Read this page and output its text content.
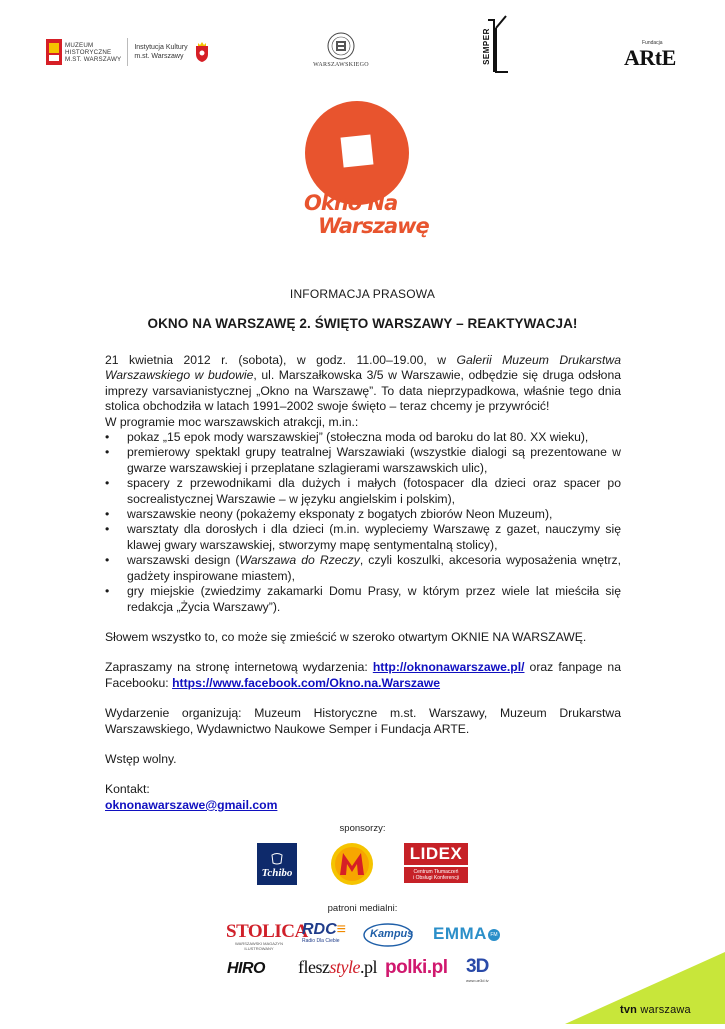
MUZEUM
HISTORYCZNE
M.ST. WARSZAWY
Instytucja Kultury
m.st. Warszawy
WARSZAWSKIEGO
SEMPER	Fundacja
ARtE
Okno Na
Warszawę
INFORMACJA PRASOWA
OKNO NA WARSZAWĘ 2. ŚWIĘTO WARSZAWY – REAKTYWACJA!

21 kwietnia 2012 r. (sobota), w godz. 11.00–19.00, w Galerii Muzeum Drukarstwa Warszawskiego w budowie, ul. Marszałkowska 3/5 w Warszawie, odbędzie się druga odsłona imprezy varsavianistycznej „Okno na Warszawę”. To data nieprzypadkowa, właśnie tego dnia stolica obchodziła w latach 1991–2002 swoje święto – teraz chcemy je przywrócić!

W programie moc warszawskich atrakcji, m.in.:

• pokaz „15 epok mody warszawskiej” (stołeczna moda od baroku do lat 80. XX wieku),
• premierowy spektakl grupy teatralnej Warszawiaki (wszystkie dialogi są prezentowane w gwarze warszawskiej i przeplatane szlagierami warszawskich ulic),
• spacery z przewodnikami dla dużych i małych (fotospacer dla dzieci oraz spacer po socrealistycznej Warszawie – w języku angielskim i polskim),
• warszawskie neony (pokażemy eksponaty z bogatych zbiorów Neon Muzeum),
• warsztaty dla dorosłych i dla dzieci (m.in. wypleciemy Warszawę z gazet, nauczymy się klawej gwary warszawskiej, stworzymy mapę sentymentalną stolicy),
• warszawski design (Warszawa do Rzeczy, czyli koszulki, akcesoria wyposażenia wnętrz, gadżety inspirowane miastem),
• gry miejskie (zwiedzimy zakamarki Domu Prasy, w którym przez wiele lat mieściła się redakcja „Życia Warszawy”).

Słowem wszystko to, co może się zmieścić w szeroko otwartym OKNIE NA WARSZAWĘ.

Zapraszamy na stronę internetową wydarzenia: http://oknonawarszawe.pl/ oraz fanpage na Facebooku: https://www.facebook.com/Okno.na.Warszawe

Wydarzenie organizują: Muzeum Historyczne m.st. Warszawy, Muzeum Drukarstwa Warszawskiego, Wydawnictwo Naukowe Semper i Fundacja ARTE.

Wstęp wolny.

Kontakt:

oknonawarszawe@gmail.com

sponsorzy:
Tchibo
LIDEX
Centrum Tłumaczeń
i Obsługi Konferencji
patroni medialni:
STOLICA
WARSZAWSKI MAGAZYN ILUSTROWANY
RDC≡
Radio Dla Ciebie
Kampus EMMA FM
HIRO	fleszstyle.pl polki.pl 3D
www.ue3d.tv
tvn warszawa
